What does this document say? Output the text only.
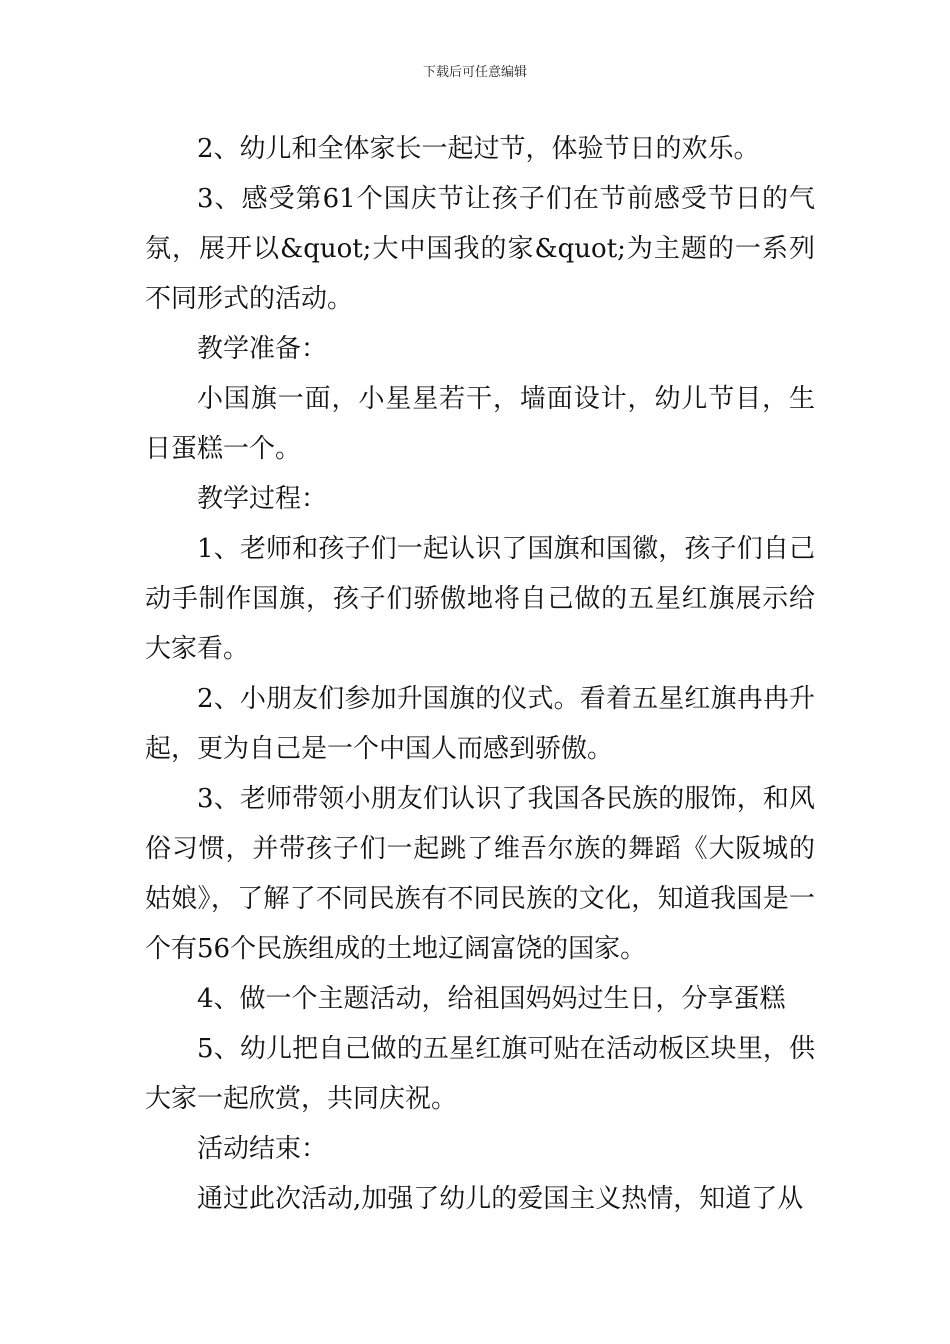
下载后可任意编辑

2、幼儿和全体家长一起过节，体验节日的欢乐。

3、感受第61个国庆节让孩子们在节前感受节日的气氛，展开以&quot;大中国我的家&quot;为主题的一系列不同形式的活动。

教学准备：

小国旗一面，小星星若干，墙面设计，幼儿节目，生日蛋糕一个。

教学过程：

1、老师和孩子们一起认识了国旗和国徽，孩子们自己动手制作国旗，孩子们骄傲地将自己做的五星红旗展示给大家看。

2、小朋友们参加升国旗的仪式。看着五星红旗冉冉升起，更为自己是一个中国人而感到骄傲。

3、老师带领小朋友们认识了我国各民族的服饰，和风俗习惯，并带孩子们一起跳了维吾尔族的舞蹈《大阪城的姑娘》，了解了不同民族有不同民族的文化，知道我国是一个有56个民族组成的土地辽阔富饶的国家。

4、做一个主题活动，给祖国妈妈过生日，分享蛋糕

5、幼儿把自己做的五星红旗可贴在活动板区块里，供大家一起欣赏，共同庆祝。

活动结束：

通过此次活动,加强了幼儿的爱国主义热情，知道了从
